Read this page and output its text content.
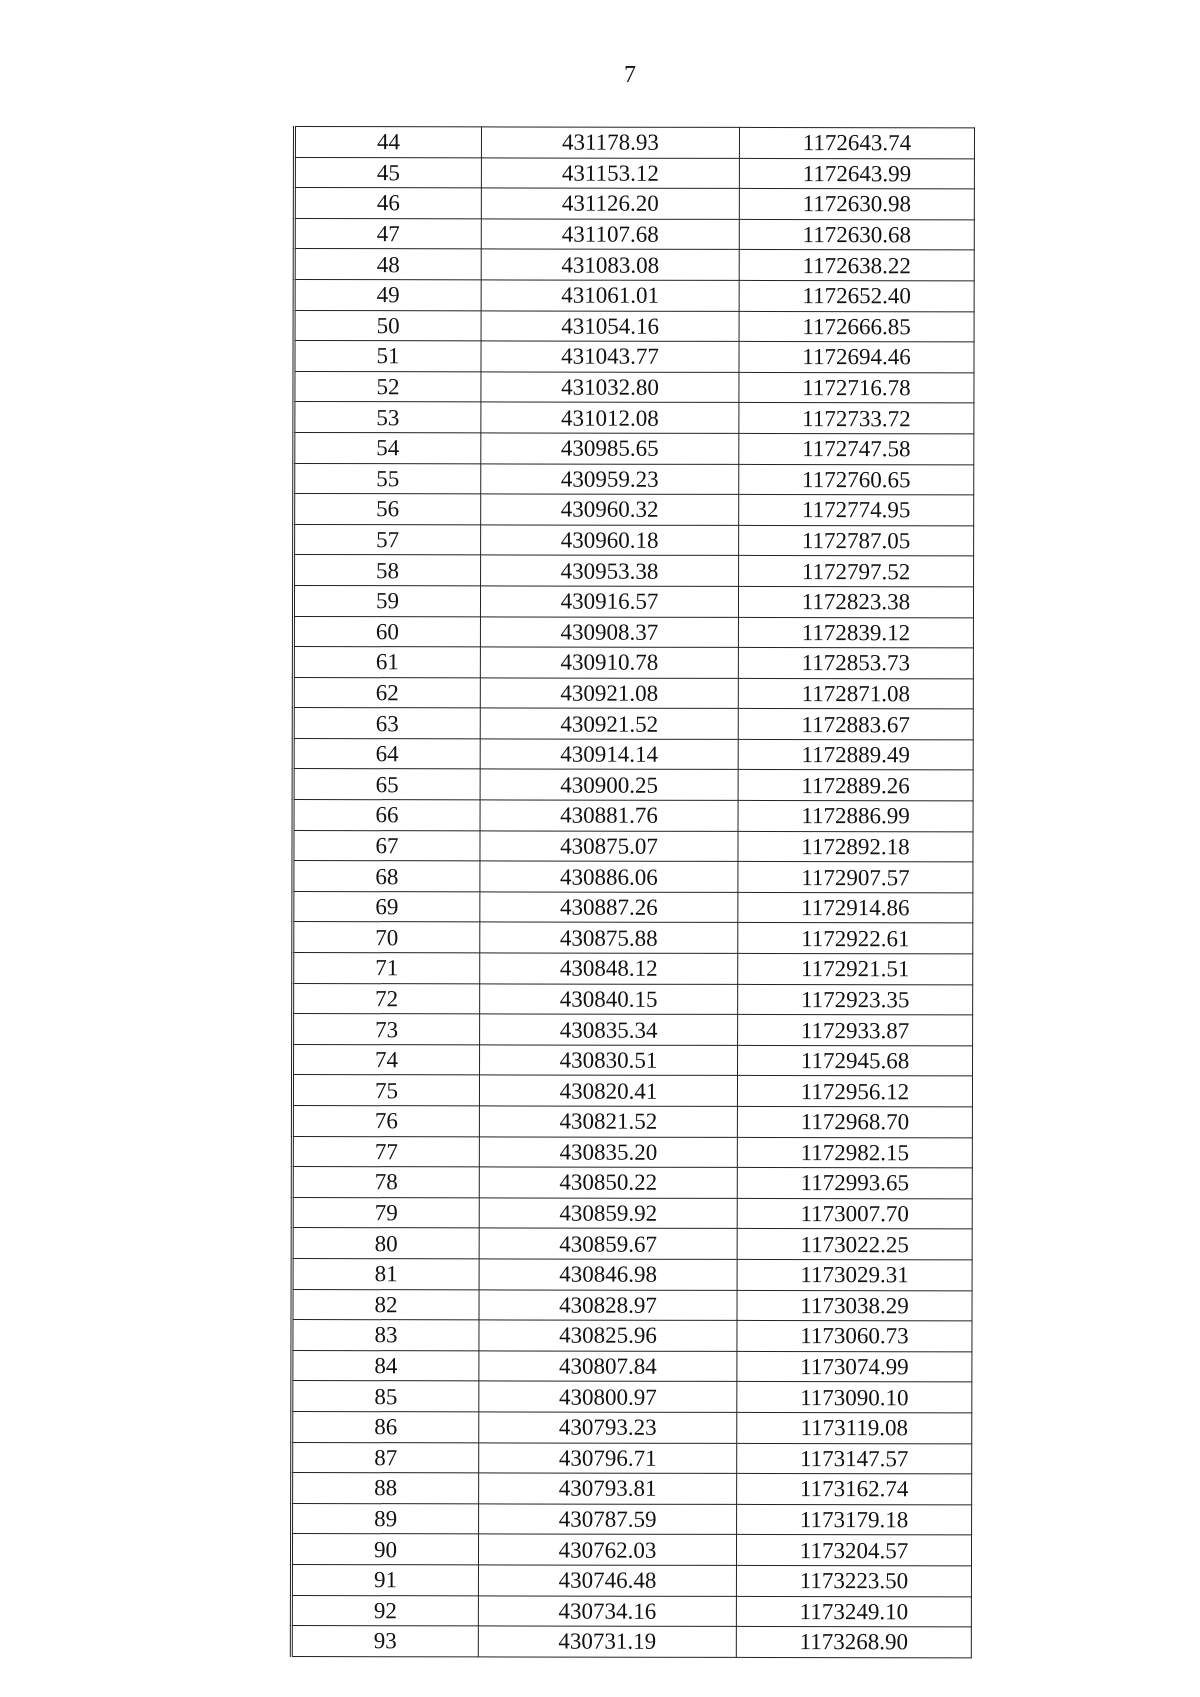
7
44	431178.93	1172643.74
45	431153.12	1172643.99
46	431126.20	1172630.98
47	431107.68	1172630.68
48	431083.08	1172638.22
49	431061.01	1172652.40
50	431054.16	1172666.85
51	431043.77	1172694.46
52	431032.80	1172716.78
53	431012.08	1172733.72
54	430985.65	1172747.58
55	430959.23	1172760.65
56	430960.32	1172774.95
57	430960.18	1172787.05
58	430953.38	1172797.52
59	430916.57	1172823.38
60	430908.37	1172839.12
61	430910.78	1172853.73
62	430921.08	1172871.08
63	430921.52	1172883.67
64	430914.14	1172889.49
65	430900.25	1172889.26
66	430881.76	1172886.99
67	430875.07	1172892.18
68	430886.06	1172907.57
69	430887.26	1172914.86
70	430875.88	1172922.61
71	430848.12	1172921.51
72	430840.15	1172923.35
73	430835.34	1172933.87
74	430830.51	1172945.68
75	430820.41	1172956.12
76	430821.52	1172968.70
77	430835.20	1172982.15
78	430850.22	1172993.65
79	430859.92	1173007.70
80	430859.67	1173022.25
81	430846.98	1173029.31
82	430828.97	1173038.29
83	430825.96	1173060.73
84	430807.84	1173074.99
85	430800.97	1173090.10
86	430793.23	1173119.08
87	430796.71	1173147.57
88	430793.81	1173162.74
89	430787.59	1173179.18
90	430762.03	1173204.57
91	430746.48	1173223.50
92	430734.16	1173249.10
93	430731.19	1173268.90
